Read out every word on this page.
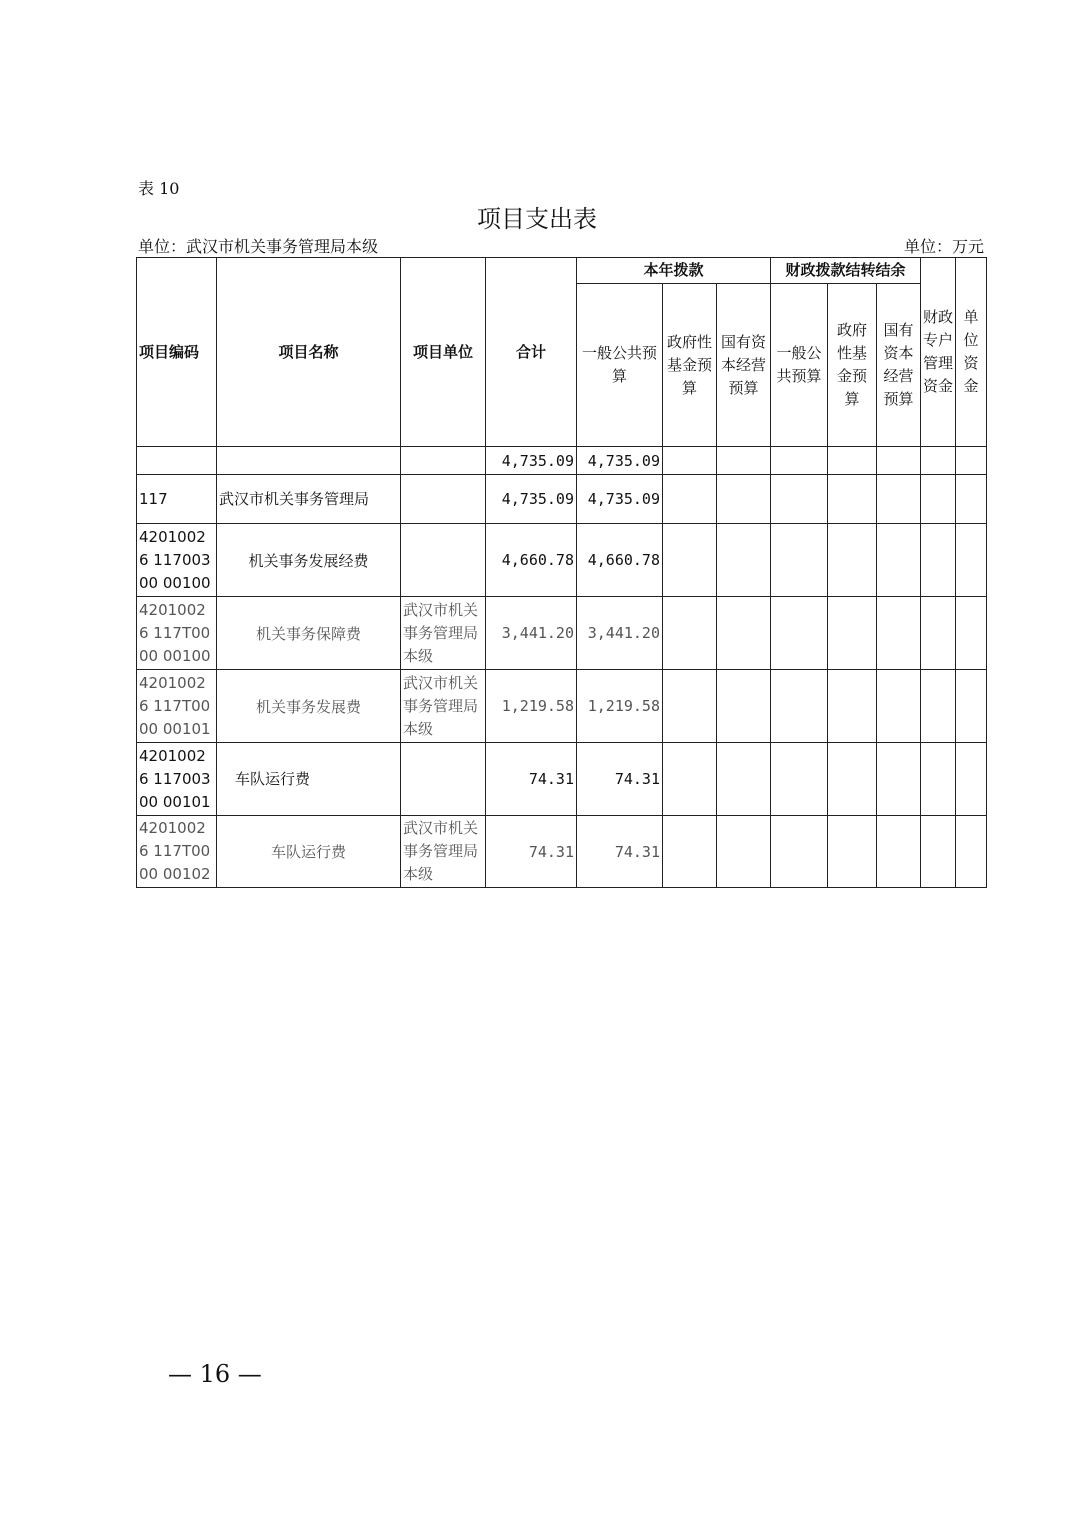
表 10
项目支出表
单位：武汉市机关事务管理局本级	单位：万元
项目编码	项目名称	项目单位	合计	本年拨款			财政拨款结转结余			财政专户管理资金	单位资金
				一般公共预算	政府性基金预算	国有资本经营预算	一般公共预算	政府性基金预算	国有资本经营预算		
			4,735.09	4,735.09							
117	武汉市机关事务管理局		4,735.09	4,735.09							
42010026 11700300 00100	机关事务发展经费		4,660.78	4,660.78							
42010026 117T0000 00100	机关事务保障费	武汉市机关事务管理局本级	3,441.20	3,441.20							
42010026 117T0000 00101	机关事务发展费	武汉市机关事务管理局本级	1,219.58	1,219.58							
42010026 11700300 00101	车队运行费		74.31	74.31							
42010026 117T0000 00102	车队运行费	武汉市机关事务管理局本级	74.31	74.31							
— 16 —
